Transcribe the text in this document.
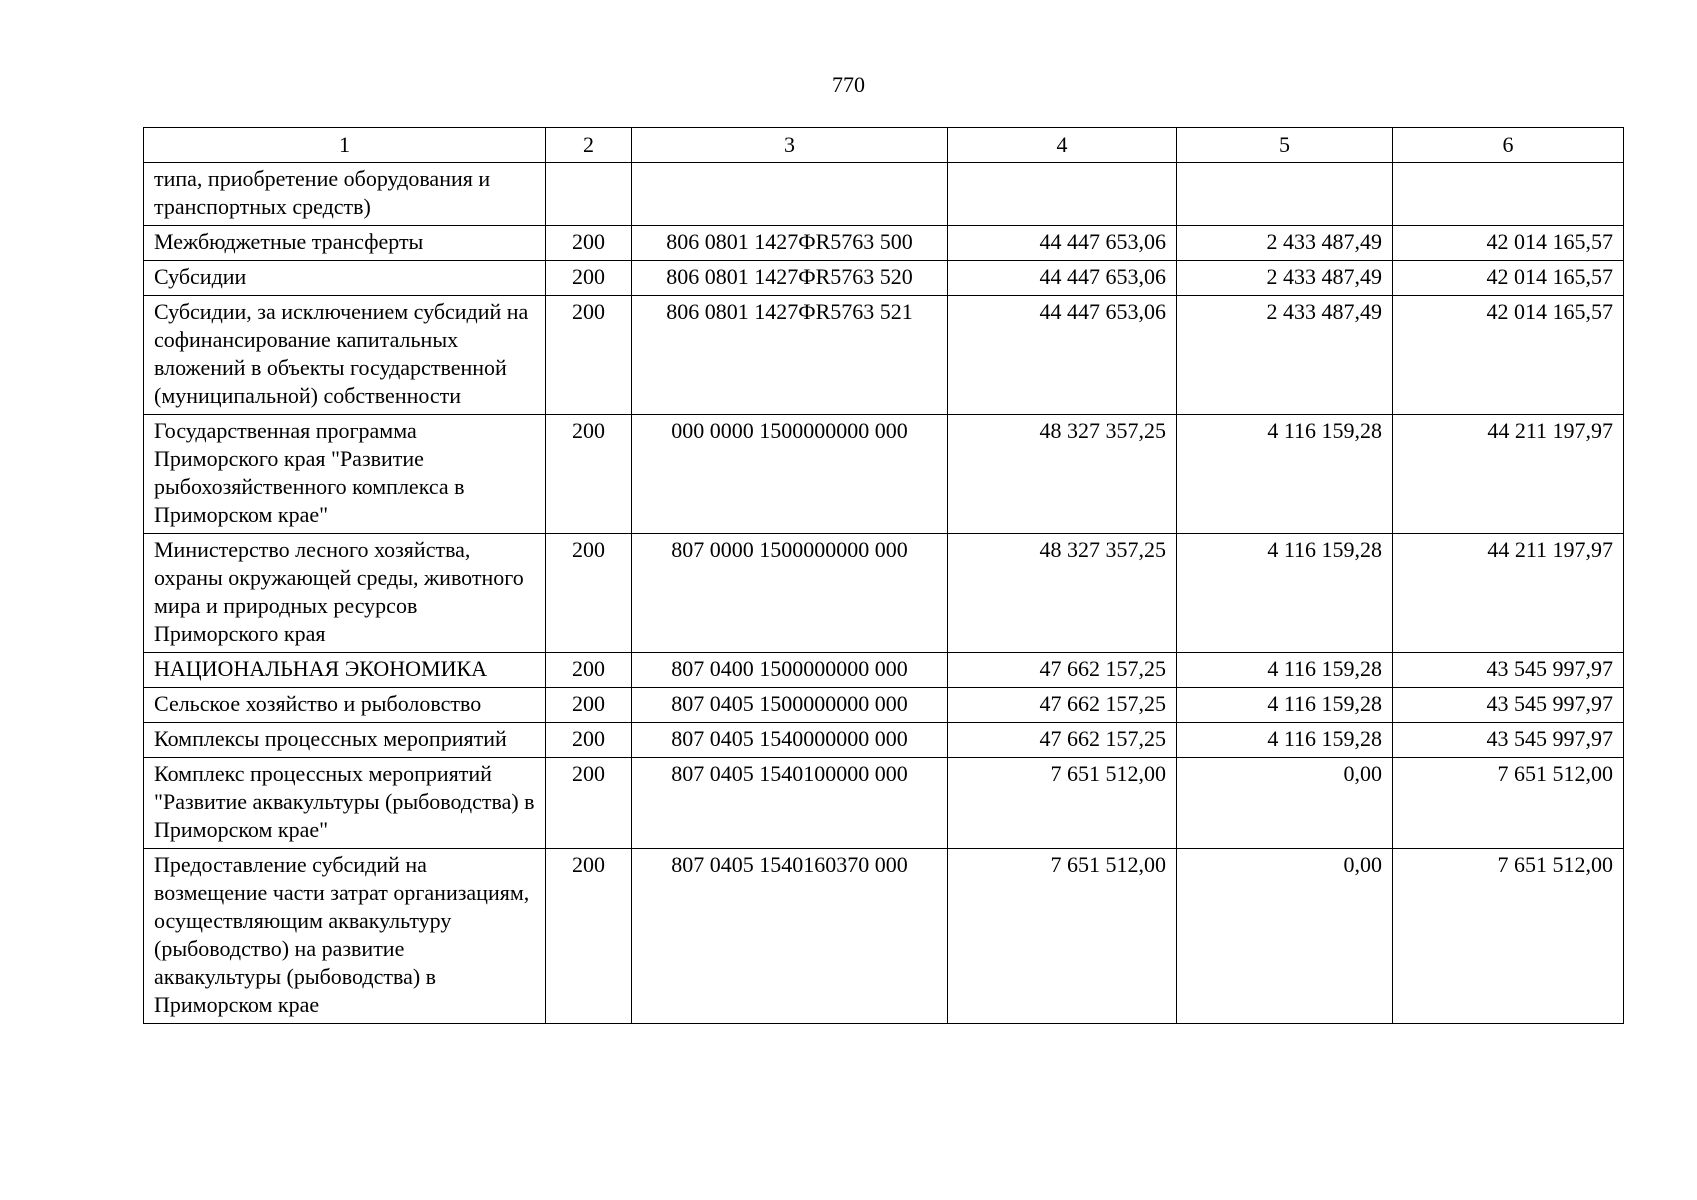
770
1	2	3	4	5	6
типа, приобретение оборудования и транспортных средств)					
Межбюджетные трансферты	200	806 0801 1427ФR5763 500	44 447 653,06	2 433 487,49	42 014 165,57
Субсидии	200	806 0801 1427ФR5763 520	44 447 653,06	2 433 487,49	42 014 165,57
Субсидии, за исключением субсидий на софинансирование капитальных вложений в объекты государственной (муниципальной) собственности	200	806 0801 1427ФR5763 521	44 447 653,06	2 433 487,49	42 014 165,57
Государственная программа Приморского края "Развитие рыбохозяйственного комплекса в Приморском крае"	200	000 0000 1500000000 000	48 327 357,25	4 116 159,28	44 211 197,97
Министерство лесного хозяйства, охраны окружающей среды, животного мира и природных ресурсов Приморского края	200	807 0000 1500000000 000	48 327 357,25	4 116 159,28	44 211 197,97
НАЦИОНАЛЬНАЯ ЭКОНОМИКА	200	807 0400 1500000000 000	47 662 157,25	4 116 159,28	43 545 997,97
Сельское хозяйство и рыболовство	200	807 0405 1500000000 000	47 662 157,25	4 116 159,28	43 545 997,97
Комплексы процессных мероприятий	200	807 0405 1540000000 000	47 662 157,25	4 116 159,28	43 545 997,97
Комплекс процессных мероприятий "Развитие аквакультуры (рыбоводства) в Приморском крае"	200	807 0405 1540100000 000	7 651 512,00	0,00	7 651 512,00
Предоставление субсидий на возмещение части затрат организациям, осуществляющим аквакультуру (рыбоводство) на развитие аквакультуры (рыбоводства) в Приморском крае	200	807 0405 1540160370 000	7 651 512,00	0,00	7 651 512,00
